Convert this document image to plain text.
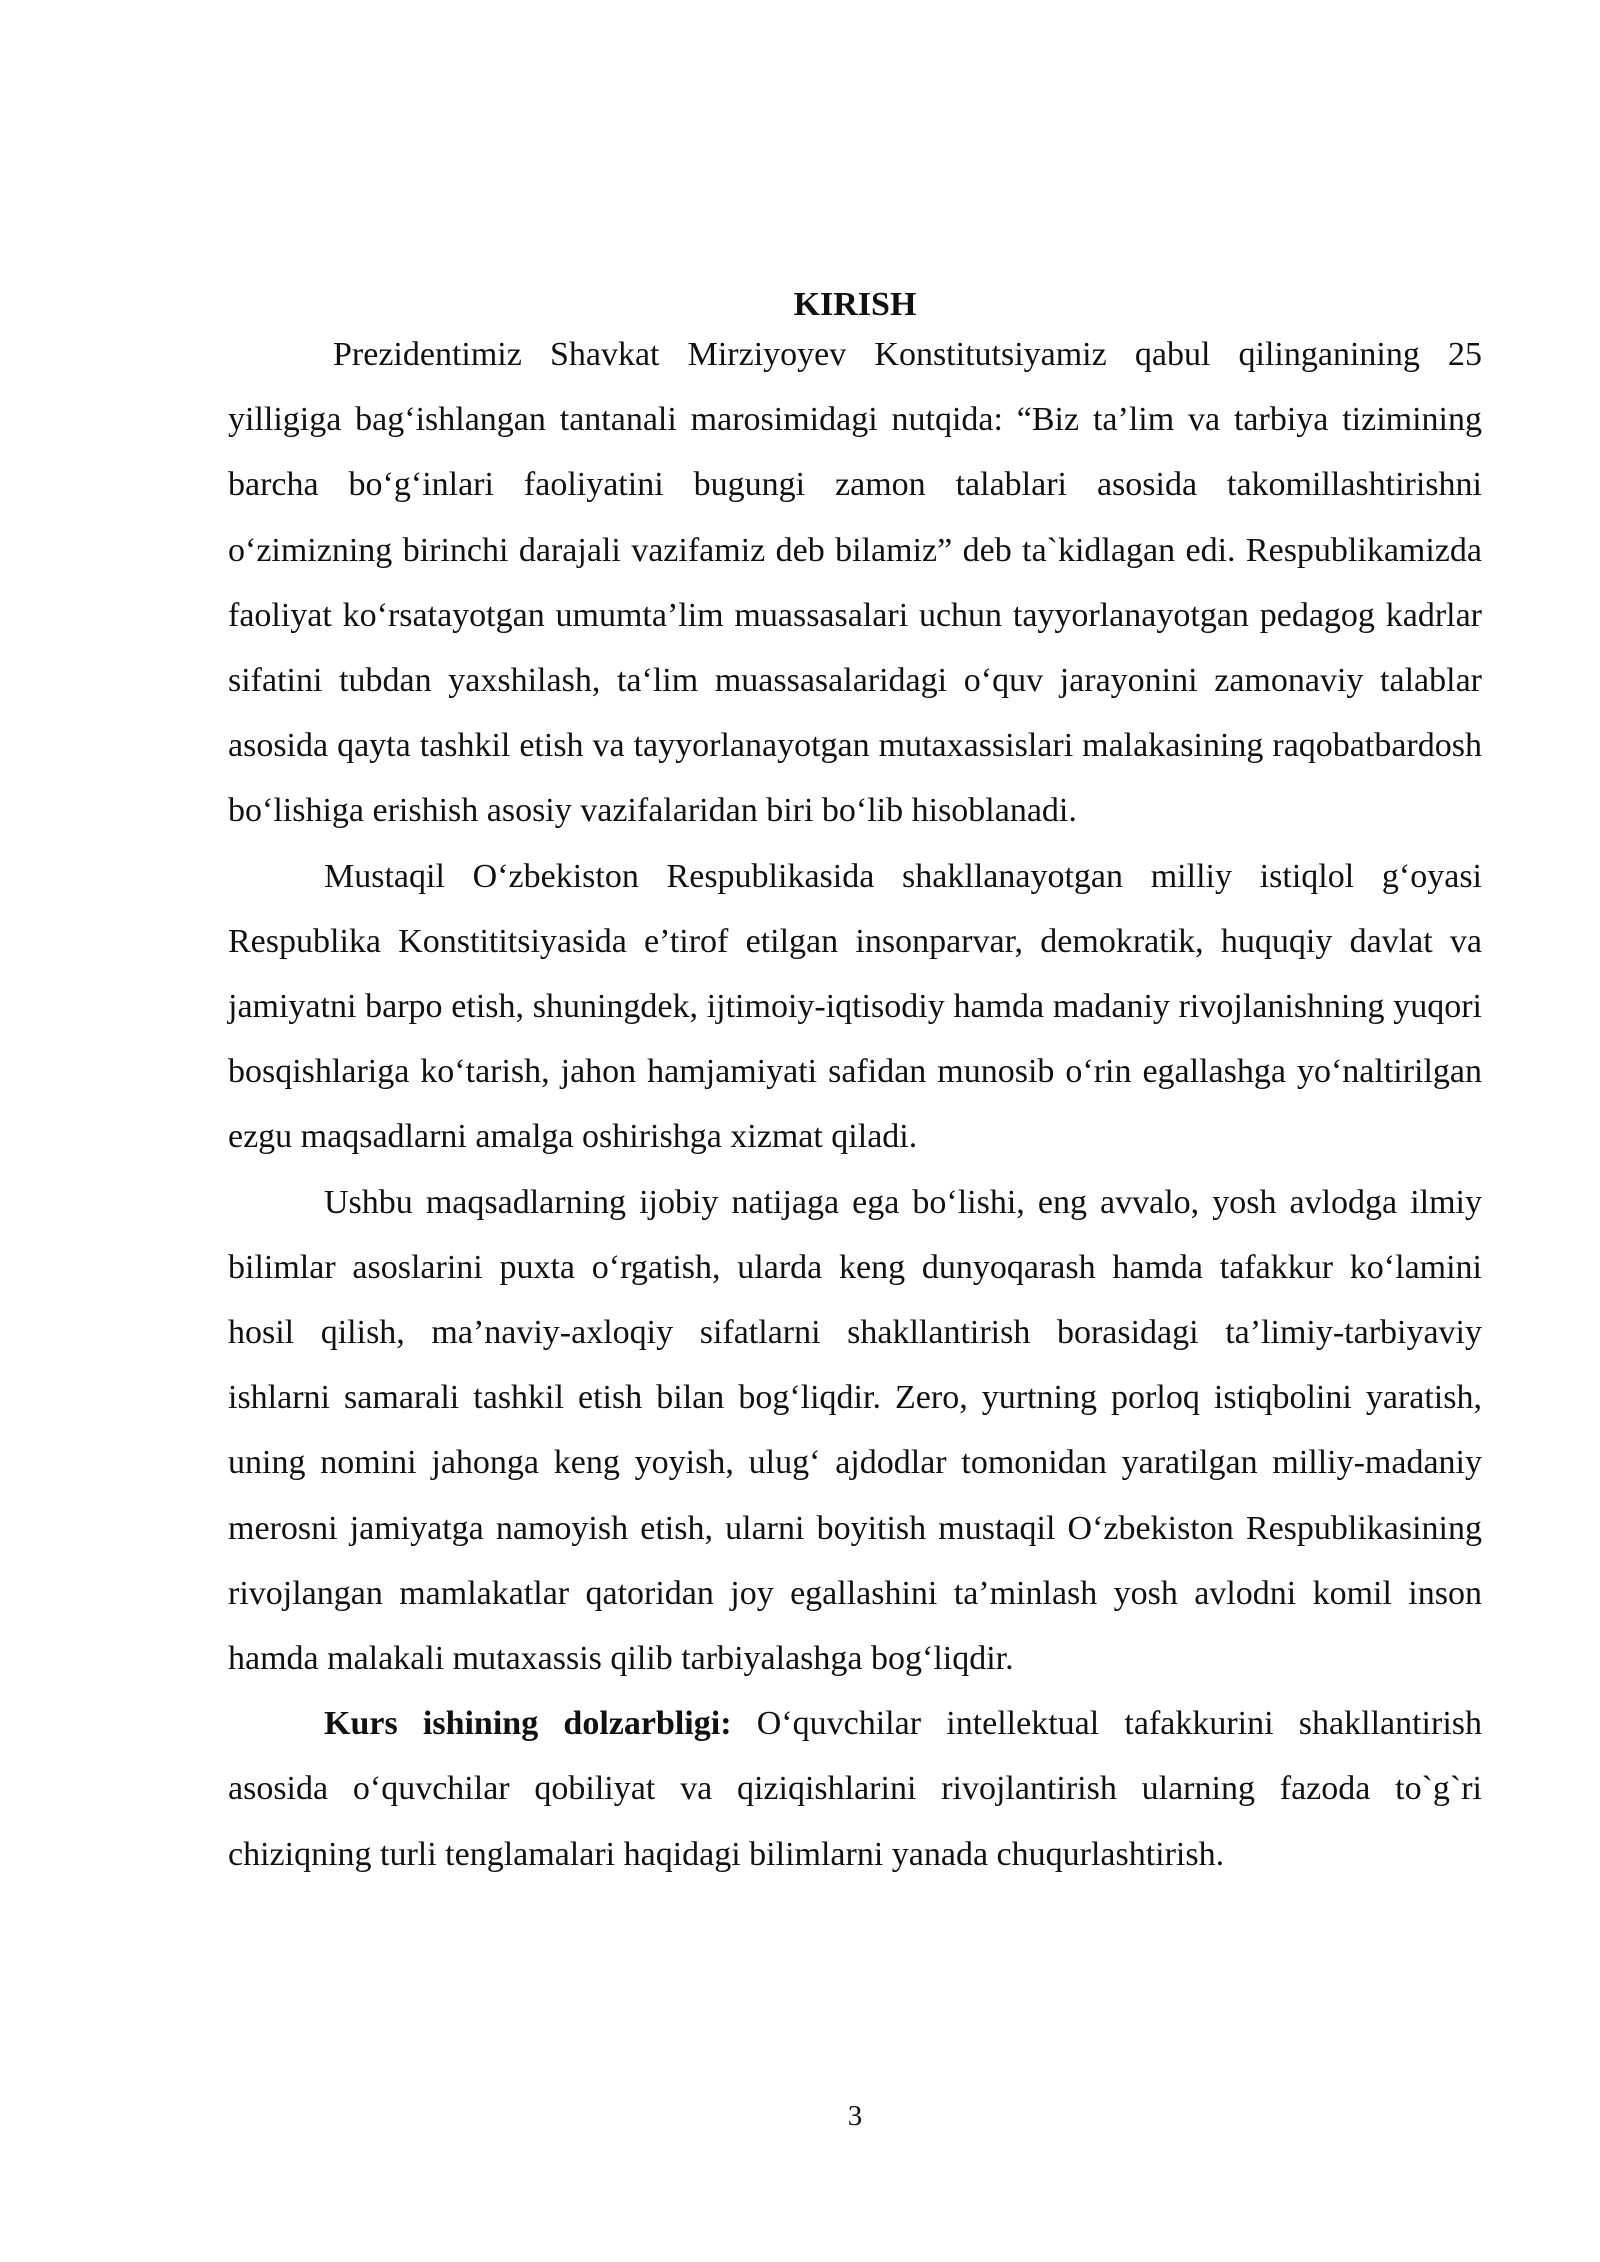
KIRISH

Prezidentimiz Shavkat Mirziyoyev Konstitutsiyamiz qabul qilinganining 25 yilligiga bag‘ishlangan tantanali marosimidagi nutqida: “Biz ta’lim va tarbiya tizimining barcha bo‘g‘inlari faoliyatini bugungi zamon talablari asosida takomillashtirishni o‘zimizning birinchi darajali vazifamiz deb bilamiz” deb ta`kidlagan edi. Respublikamizda faoliyat ko‘rsatayotgan umumta’lim muassasalari uchun tayyorlanayotgan pedagog kadrlar sifatini tubdan yaxshilash, ta‘lim muassasalaridagi o‘quv jarayonini zamonaviy talablar asosida qayta tashkil etish va tayyorlanayotgan mutaxassislari malakasining raqobatbardosh bo‘lishiga erishish asosiy vazifalaridan biri bo‘lib hisoblanadi.

Mustaqil O‘zbekiston Respublikasida shakllanayotgan milliy istiqlol g‘oyasi Respublika Konstititsiyasida e’tirof etilgan insonparvar, demokratik, huquqiy davlat va jamiyatni barpo etish, shuningdek, ijtimoiy-iqtisodiy hamda madaniy rivojlanishning yuqori bosqishlariga ko‘tarish, jahon hamjamiyati safidan munosib o‘rin egallashga yo‘naltirilgan ezgu maqsadlarni amalga oshirishga xizmat qiladi.

Ushbu maqsadlarning ijobiy natijaga ega bo‘lishi, eng avvalo, yosh avlodga ilmiy bilimlar asoslarini puxta o‘rgatish, ularda keng dunyoqarash hamda tafakkur ko‘lamini hosil qilish, ma’naviy-axloqiy sifatlarni shakllantirish borasidagi ta’limiy-tarbiyaviy ishlarni samarali tashkil etish bilan bog‘liqdir. Zero, yurtning porloq istiqbolini yaratish, uning nomini jahonga keng yoyish, ulug‘ ajdodlar tomonidan yaratilgan milliy-madaniy merosni jamiyatga namoyish etish, ularni boyitish mustaqil O‘zbekiston Respublikasining rivojlangan mamlakatlar qatoridan joy egallashini ta’minlash yosh avlodni komil inson hamda malakali mutaxassis qilib tarbiyalashga bog‘liqdir.

Kurs ishining dolzarbligi: O‘quvchilar intellektual tafakkurini shakllantirish asosida o‘quvchilar qobiliyat va qiziqishlarini rivojlantirish ularning fazoda to`g`ri chiziqning turli tenglamalari haqidagi bilimlarni yanada chuqurlashtirish.

3
